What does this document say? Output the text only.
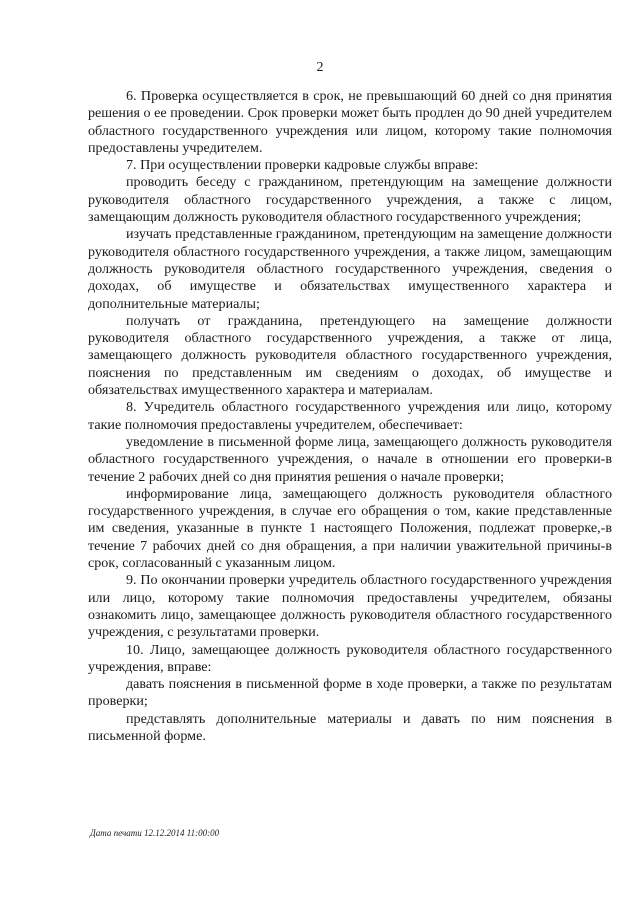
2

6. Проверка осуществляется в срок, не превышающий 60 дней со дня принятия решения о ее проведении. Срок проверки может быть продлен до 90 дней учредителем областного государственного учреждения или лицом, которому такие полномочия предоставлены учредителем.

7. При осуществлении проверки кадровые службы вправе:

проводить беседу с гражданином, претендующим на замещение должности руководителя областного государственного учреждения, а также с лицом, замещающим должность руководителя областного государственного учреждения;

изучать представленные гражданином, претендующим на замещение должности руководителя областного государственного учреждения, а также лицом, замещающим должность руководителя областного государственного учреждения, сведения о доходах, об имуществе и обязательствах имущественного характера и дополнительные материалы;

получать от гражданина, претендующего на замещение должности руководителя областного государственного учреждения, а также от лица, замещающего должность руководителя областного государственного учреждения, пояснения по представленным им сведениям о доходах, об имуществе и обязательствах имущественного характера и материалам.

8. Учредитель областного государственного учреждения или лицо, которому такие полномочия предоставлены учредителем, обеспечивает:

уведомление в письменной форме лица, замещающего должность руководителя областного государственного учреждения, о начале в отношении его проверки-в течение 2 рабочих дней со дня принятия решения о начале проверки;

информирование лица, замещающего должность руководителя областного государственного учреждения, в случае его обращения о том, какие представленные им сведения, указанные в пункте 1 настоящего Положения, подлежат проверке,-в течение 7 рабочих дней со дня обращения, а при наличии уважительной причины-в срок, согласованный с указанным лицом.

9. По окончании проверки учредитель областного государственного учреждения или лицо, которому такие полномочия предоставлены учредителем, обязаны ознакомить лицо, замещающее должность руководителя областного государственного учреждения, с результатами проверки.

10. Лицо, замещающее должность руководителя областного государственного учреждения, вправе:

давать пояснения в письменной форме в ходе проверки, а также по результатам проверки;

представлять дополнительные материалы и давать по ним пояснения в письменной форме.

Дата печати 12.12.2014 11:00:00
